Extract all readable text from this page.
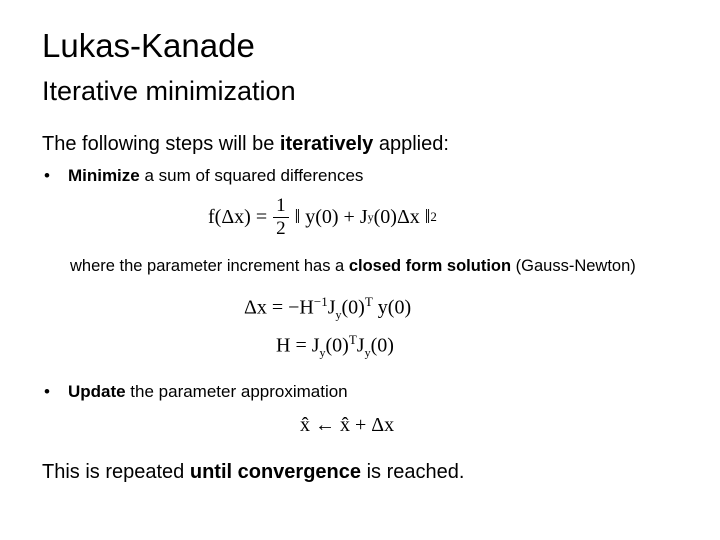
Lukas-Kanade
Iterative minimization
The following steps will be iteratively applied:
• Minimize a sum of squared differences
$f(\Delta x) = \frac{1}{2}$ ‖ y(0) + J y (0)Δx ‖ 2
where the parameter increment has a closed form solution (Gauss-Newton)
$\Delta x = -H^{-1}J_y(0)^T$ y(0)
$H = J_y(0)^TJ_y(0)$
• Update the parameter approximation
x̂ ← x̂ + Δx
This is repeated until convergence is reached.
